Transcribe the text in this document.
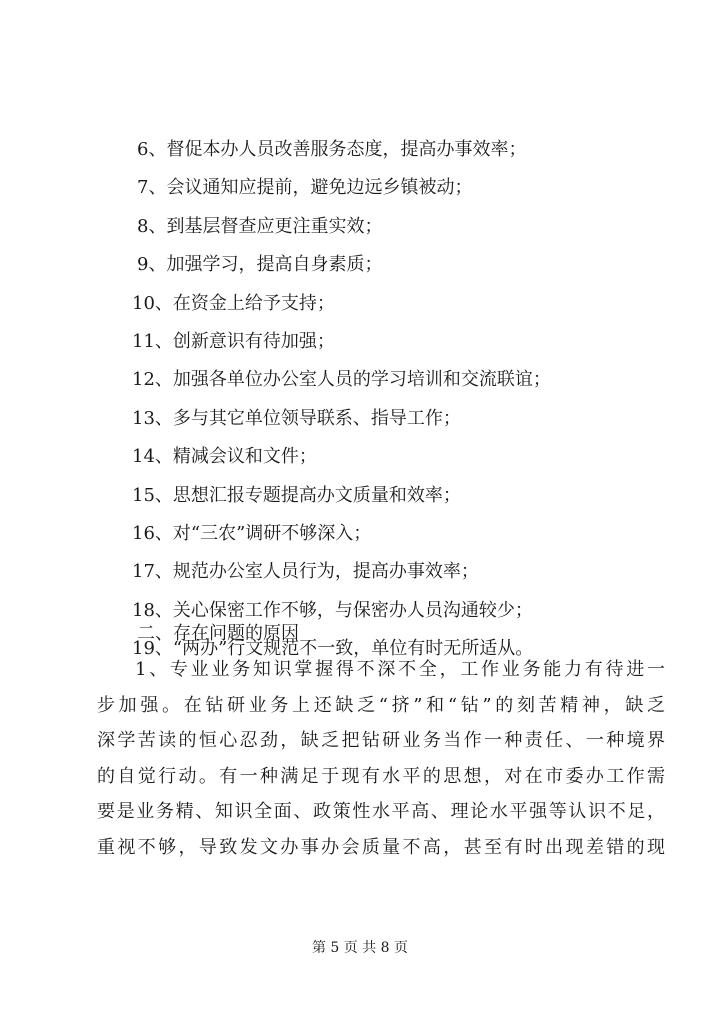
6、督促本办人员改善服务态度，提高办事效率；
7、会议通知应提前，避免边远乡镇被动；
8、到基层督查应更注重实效；
9、加强学习，提高自身素质；
10、在资金上给予支持；
11、创新意识有待加强；
12、加强各单位办公室人员的学习培训和交流联谊；
13、多与其它单位领导联系、指导工作；
14、精减会议和文件；
15、思想汇报专题提高办文质量和效率；
16、对“三农”调研不够深入；
17、规范办公室人员行为，提高办事效率；
18、关心保密工作不够，与保密办人员沟通较少；
19、“两办”行文规范不一致，单位有时无所适从。
二、存在问题的原因
1、专业业务知识掌握得不深不全，工作业务能力有待进一
步加强。在钻研业务上还缺乏“挤”和“钻”的刻苦精神，缺乏
深学苦读的恒心忍劲，缺乏把钻研业务当作一种责任、一种境界
的自觉行动。有一种满足于现有水平的思想，对在市委办工作需
要是业务精、知识全面、政策性水平高、理论水平强等认识不足，
重视不够，导致发文办事办会质量不高，甚至有时出现差错的现
第 5 页 共 8 页
